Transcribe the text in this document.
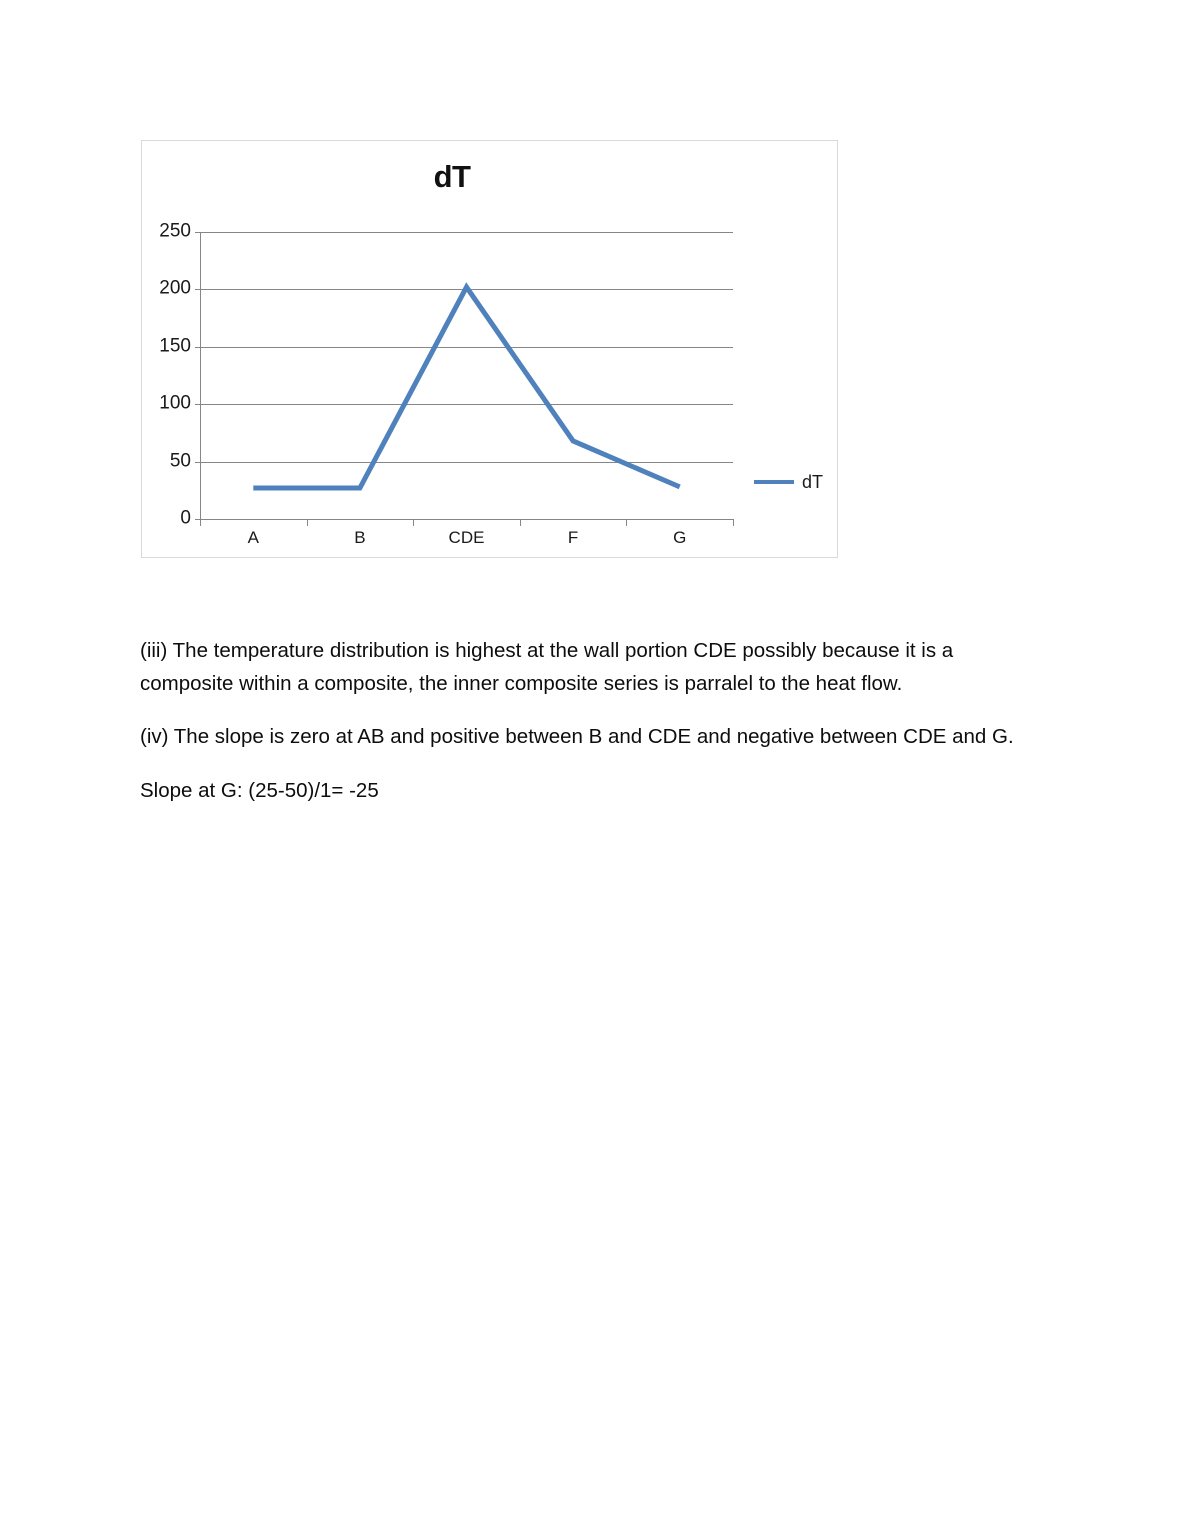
dT
0
50
100
150
200
250
A	B	CDE	F	G
dT

(iii) The temperature distribution is highest at the wall portion CDE possibly because it is a composite within a composite, the inner composite series is parralel to the heat flow.

(iv) The slope is zero at AB and positive between B and CDE and negative between CDE and G.

Slope at G: (25-50)/1= -25
